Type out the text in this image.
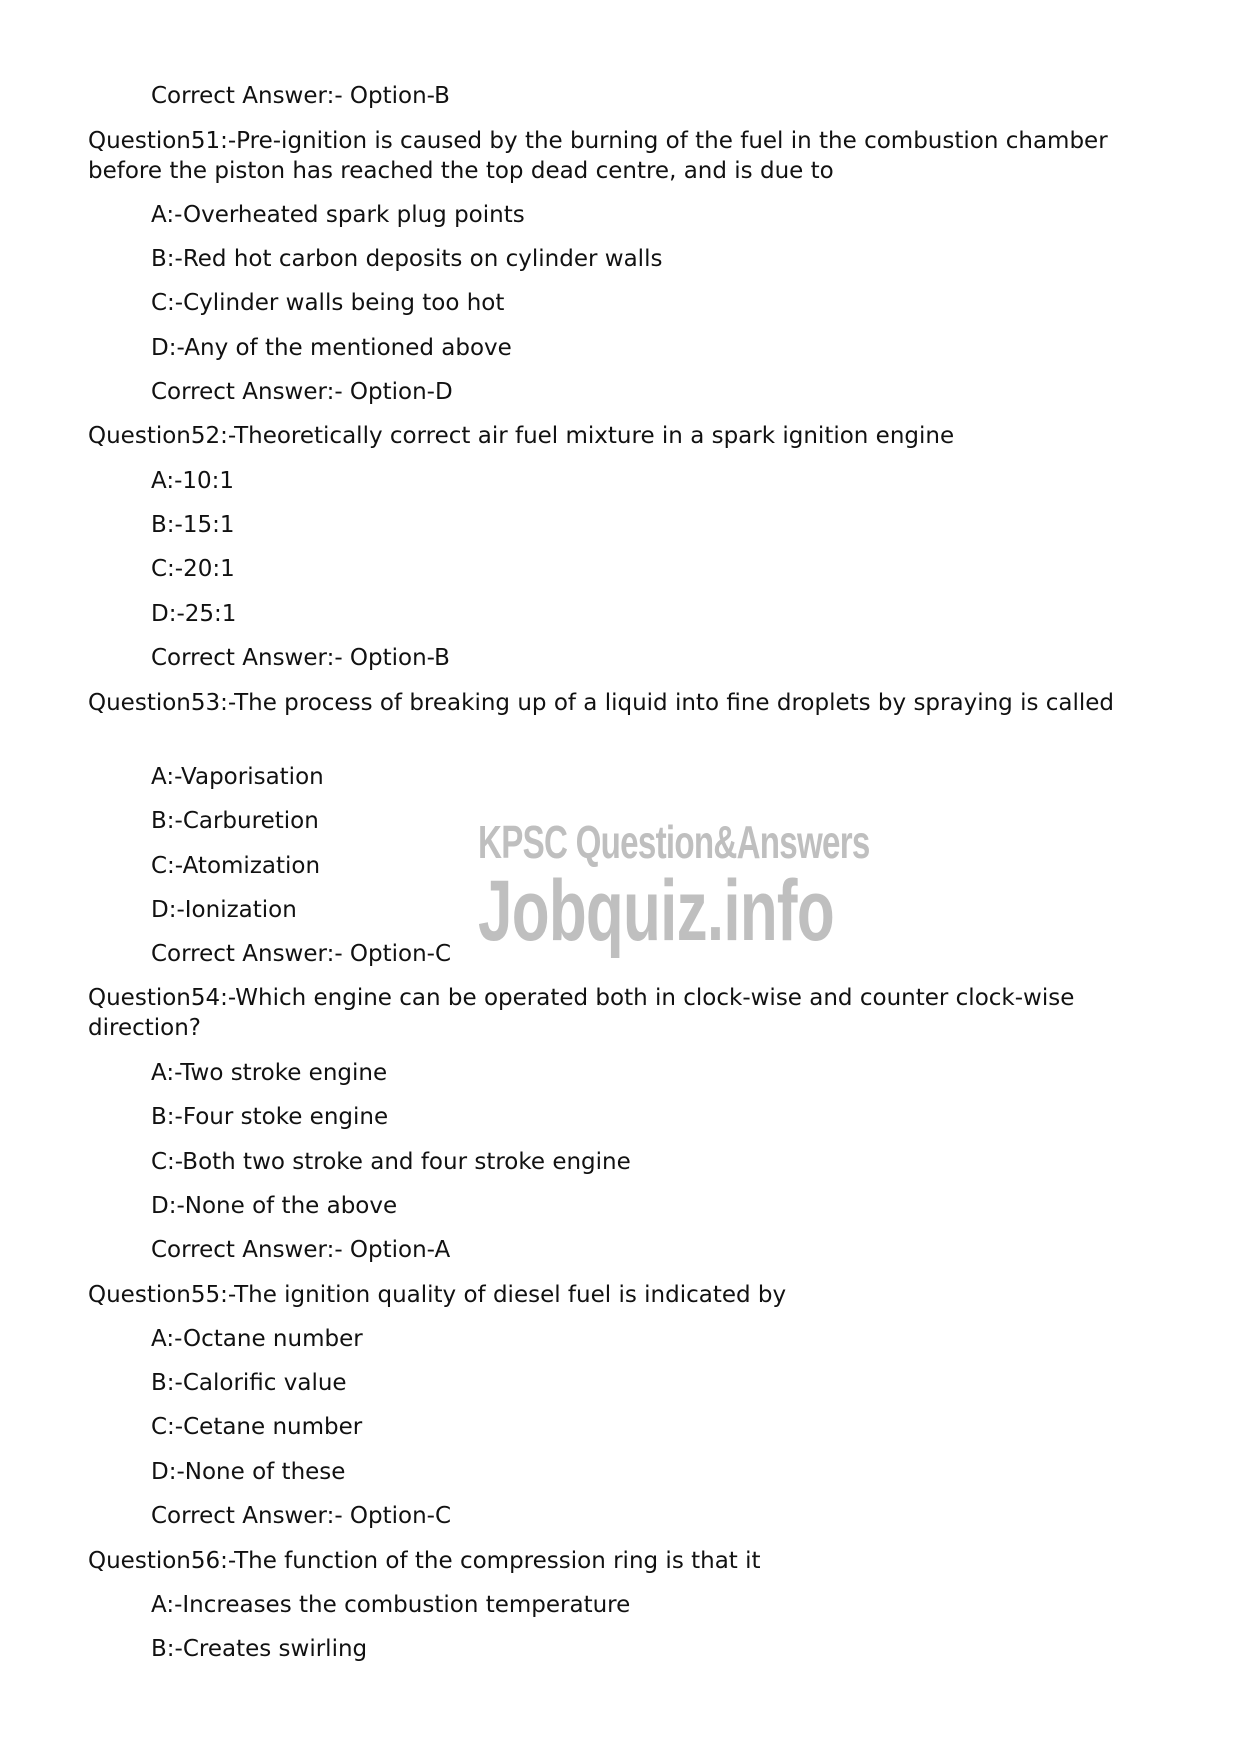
Correct Answer:- Option-B
Question51:-Pre-ignition is caused by the burning of the fuel in the combustion chamber before the piston has reached the top dead centre, and is due to
A:-Overheated spark plug points
B:-Red hot carbon deposits on cylinder walls
C:-Cylinder walls being too hot
D:-Any of the mentioned above
Correct Answer:- Option-D
Question52:-Theoretically correct air fuel mixture in a spark ignition engine
A:-10:1
B:-15:1
C:-20:1
D:-25:1
Correct Answer:- Option-B
Question53:-The process of breaking up of a liquid into fine droplets by spraying is called
A:-Vaporisation
B:-Carburetion
C:-Atomization
D:-Ionization
Correct Answer:- Option-C
Question54:-Which engine can be operated both in clock-wise and counter clock-wise direction?
A:-Two stroke engine
B:-Four stoke engine
C:-Both two stroke and four stroke engine
D:-None of the above
Correct Answer:- Option-A
Question55:-The ignition quality of diesel fuel is indicated by
A:-Octane number
B:-Calorific value
C:-Cetane number
D:-None of these
Correct Answer:- Option-C
Question56:-The function of the compression ring is that it
A:-Increases the combustion temperature
B:-Creates swirling
KPSC Question&Answers
Jobquiz.info
